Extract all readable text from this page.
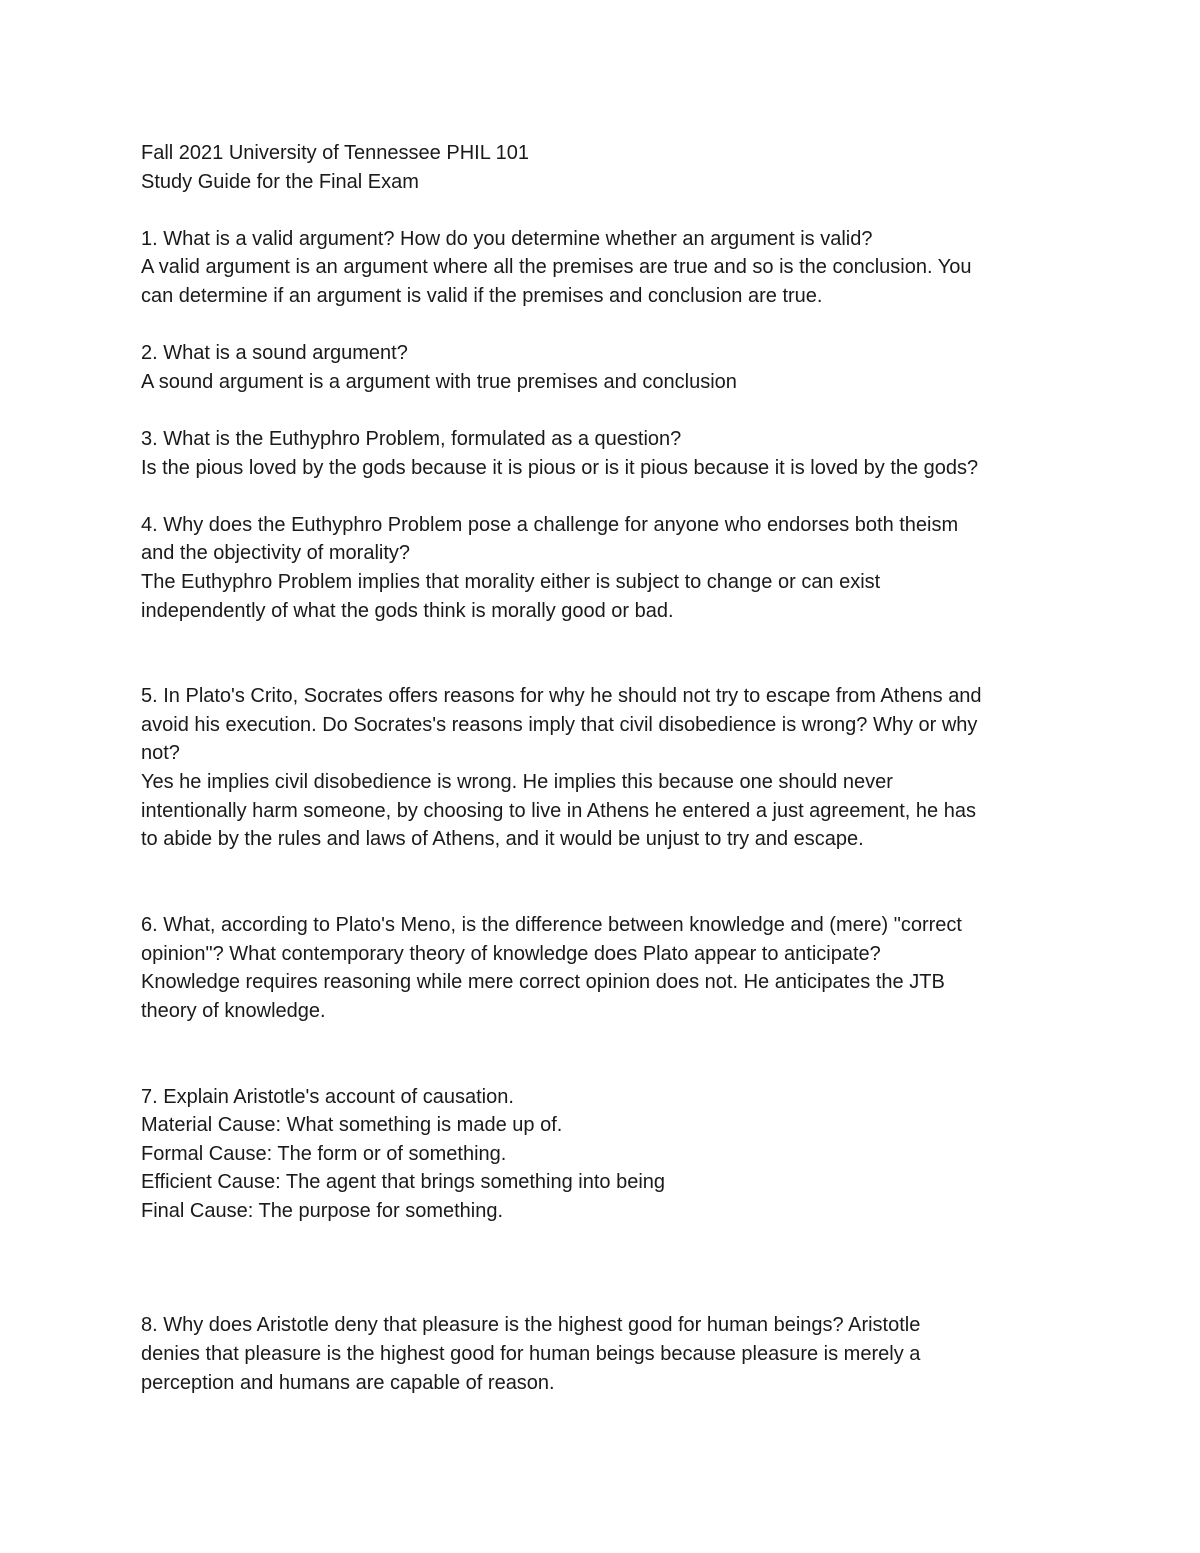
Fall 2021 University of Tennessee PHIL 101
Study Guide for the Final Exam
1. What is a valid argument? How do you determine whether an argument is valid?
A valid argument is an argument where all the premises are true and so is the conclusion. You
can determine if an argument is valid if the premises and conclusion are true.
2. What is a sound argument?
A sound argument is a argument with true premises and conclusion
3. What is the Euthyphro Problem, formulated as a question?
Is the pious loved by the gods because it is pious or is it pious because it is loved by the gods?
4. Why does the Euthyphro Problem pose a challenge for anyone who endorses both theism
and the objectivity of morality?
The Euthyphro Problem implies that morality either is subject to change or can exist
independently of what the gods think is morally good or bad.
5. In Plato's Crito, Socrates offers reasons for why he should not try to escape from Athens and
avoid his execution. Do Socrates's reasons imply that civil disobedience is wrong? Why or why
not?
Yes he implies civil disobedience is wrong. He implies this because one should never
intentionally harm someone, by choosing to live in Athens he entered a just agreement, he has
to abide by the rules and laws of Athens, and it would be unjust to try and escape.
6. What, according to Plato's Meno, is the difference between knowledge and (mere) "correct
opinion"? What contemporary theory of knowledge does Plato appear to anticipate?
Knowledge requires reasoning while mere correct opinion does not. He anticipates the JTB
theory of knowledge.
7. Explain Aristotle's account of causation.
Material Cause: What something is made up of.
Formal Cause: The form or of something.
Efficient Cause: The agent that brings something into being
Final Cause: The purpose for something.
8. Why does Aristotle deny that pleasure is the highest good for human beings? Aristotle
denies that pleasure is the highest good for human beings because pleasure is merely a
perception and humans are capable of reason.
